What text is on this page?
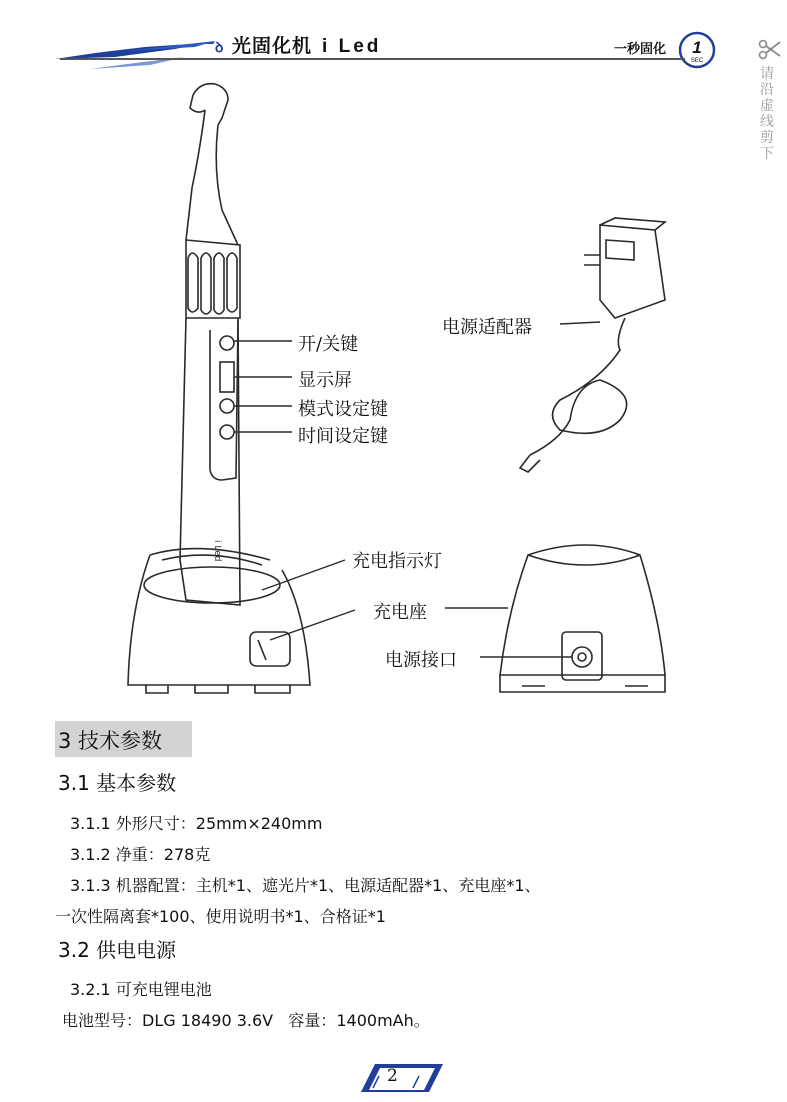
ꝺ 光固化机 i Led	一秒固化 1
SEC
请沿虚线剪下
i Led
开/关键
显示屏
模式设定键
时间设定键
电源适配器
充电指示灯
充电座
电源接口
3 技术参数
3.1 基本参数
3.1.1 外形尺寸：25mm×240mm
3.1.2 净重：278克
3.1.3 机器配置：主机*1、遮光片*1、电源适配器*1、充电座*1、
一次性隔离套*100、使用说明书*1、合格证*1
3.2 供电电源
3.2.1 可充电锂电池
电池型号：DLG 18490 3.6V   容量：1400mAh。
2
